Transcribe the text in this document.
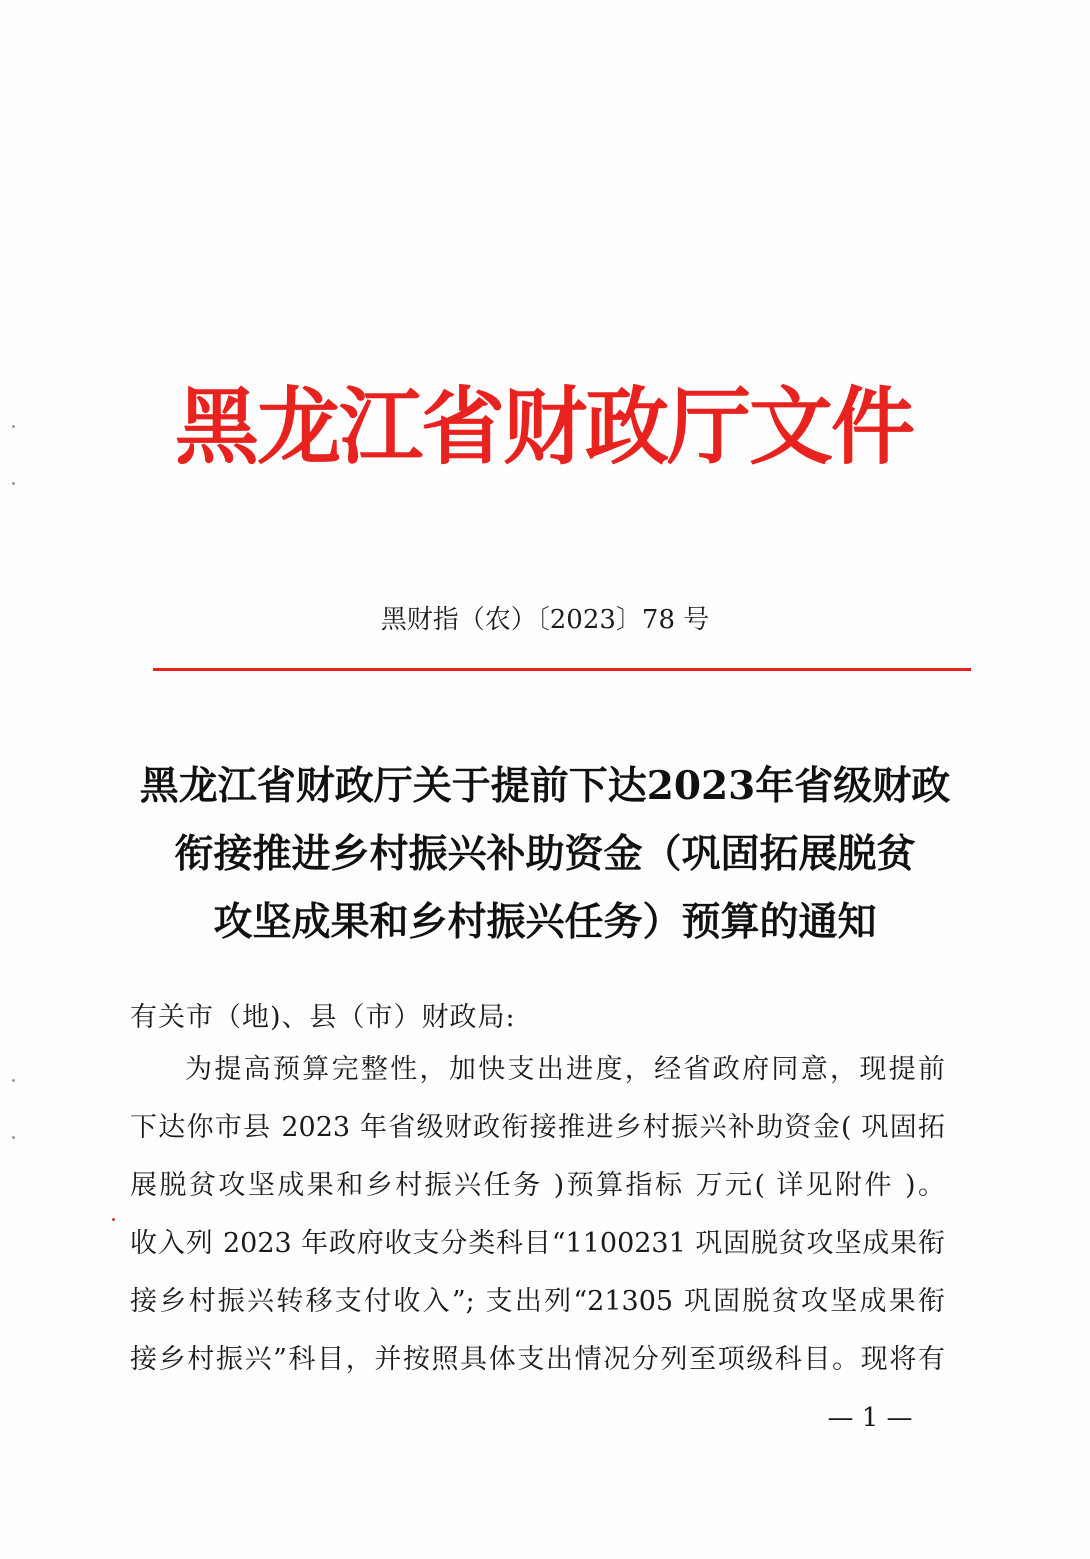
黑龙江省财政厅文件
黑财指（农）〔2023〕78 号
黑龙江省财政厅关于提前下达2023年省级财政
衔接推进乡村振兴补助资金（巩固拓展脱贫
攻坚成果和乡村振兴任务）预算的通知
有关市（地)、县（市）财政局:
为提高预算完整性，加快支出进度，经省政府同意，现提前
下达你市县 2023 年省级财政衔接推进乡村振兴补助资金( 巩固拓
展脱贫攻坚成果和乡村振兴任务 )预算指标 万元( 详见附件 )。
收入列 2023 年政府收支分类科目“1100231 巩固脱贫攻坚成果衔
接乡村振兴转移支付收入”; 支出列“21305 巩固脱贫攻坚成果衔
接乡村振兴”科目，并按照具体支出情况分列至项级科目。现将有
— 1 —
